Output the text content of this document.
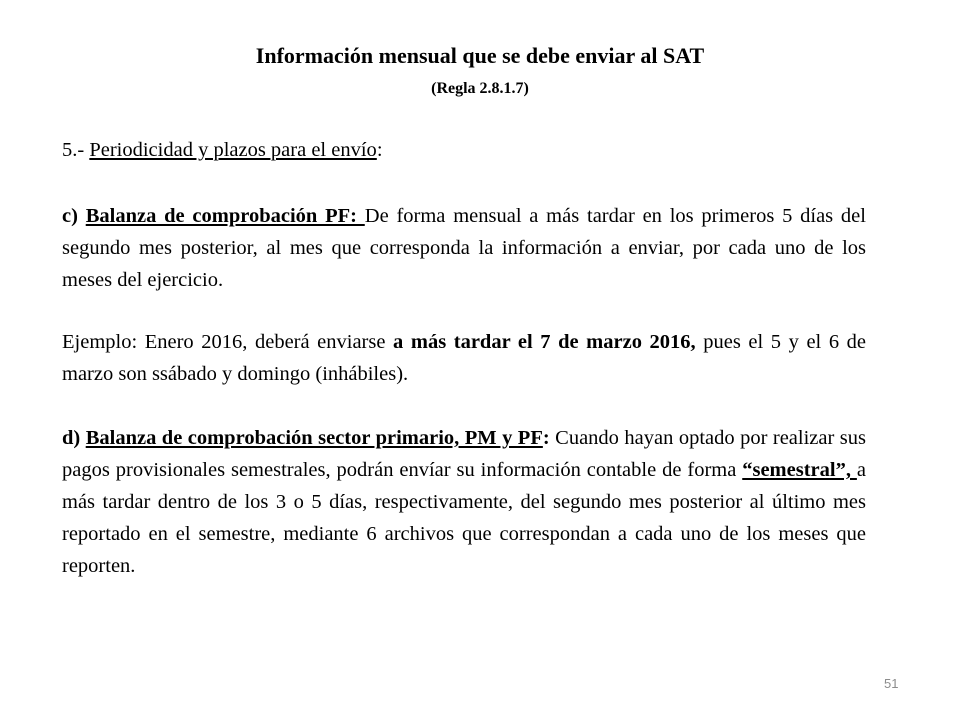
Información mensual que se debe enviar al SAT
(Regla 2.8.1.7)

5.- Periodicidad y plazos para el envío:

c) Balanza de comprobación PF: De forma mensual a más tardar en los primeros 5 días del segundo mes posterior, al mes que corresponda la información a enviar, por cada uno de los meses del ejercicio.

Ejemplo: Enero 2016, deberá enviarse a más tardar el 7 de marzo 2016, pues el 5 y el 6 de marzo son ssábado y domingo (inhábiles).

d) Balanza de comprobación sector primario, PM y PF: Cuando hayan optado por realizar sus pagos provisionales semestrales, podrán envíar su información contable de forma “semestral”, a más tardar dentro de los 3 o 5 días, respectivamente, del segundo mes posterior al último mes reportado en el semestre, mediante 6 archivos que correspondan a cada uno de los meses que reporten.

51
